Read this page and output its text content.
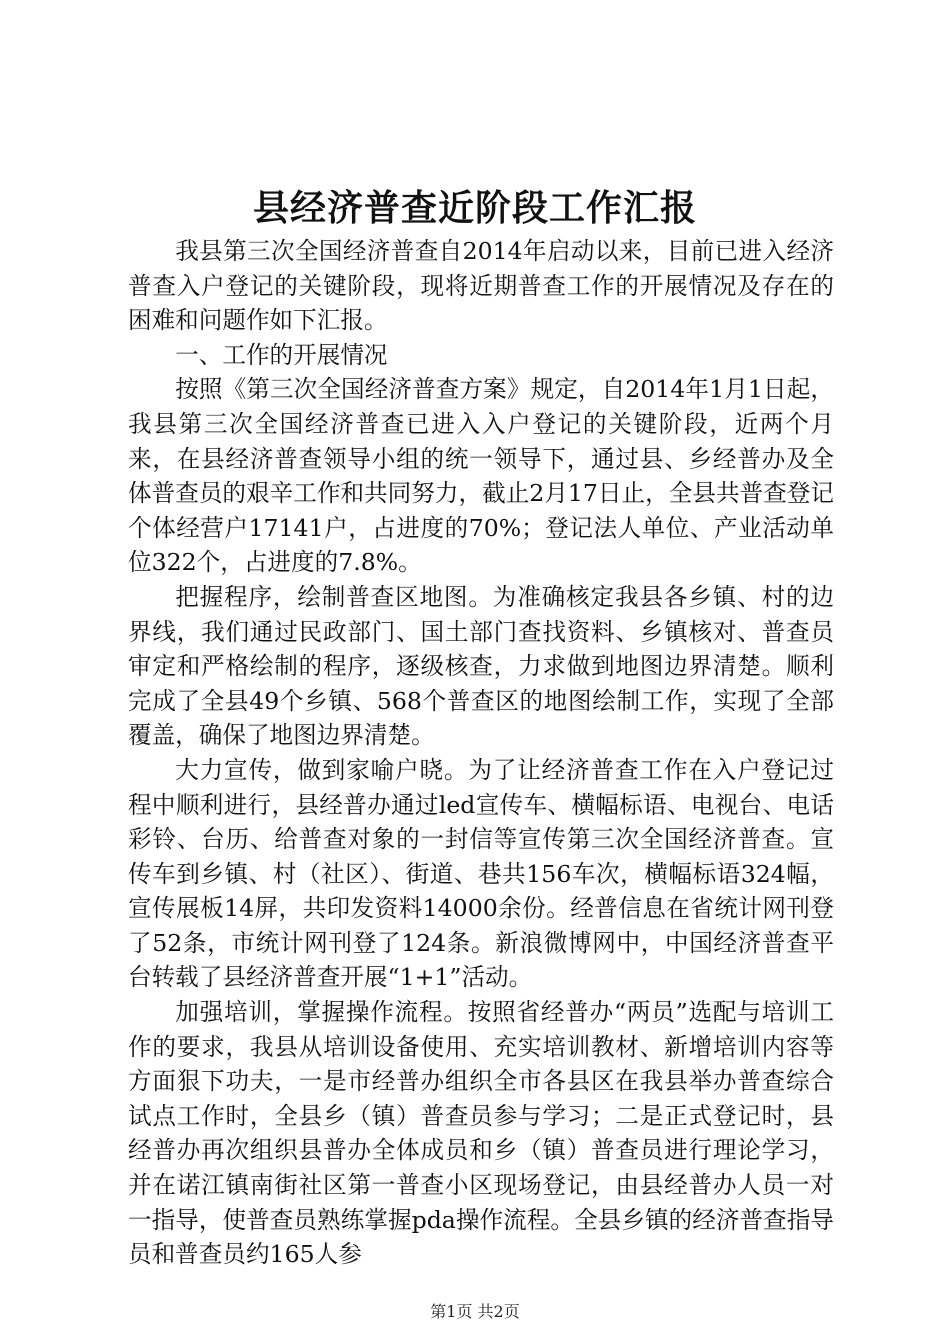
县经济普查近阶段工作汇报

我县第三次全国经济普查自2014年启动以来，目前已进入经济普查入户登记的关键阶段，现将近期普查工作的开展情况及存在的困难和问题作如下汇报。

一、工作的开展情况

按照《第三次全国经济普查方案》规定，自2014年1月1日起，我县第三次全国经济普查已进入入户登记的关键阶段，近两个月来，在县经济普查领导小组的统一领导下，通过县、乡经普办及全体普查员的艰辛工作和共同努力，截止2月17日止，全县共普查登记个体经营户17141户，占进度的70%；登记法人单位、产业活动单位322个，占进度的7.8%。

把握程序，绘制普查区地图。为准确核定我县各乡镇、村的边界线，我们通过民政部门、国土部门查找资料、乡镇核对、普查员审定和严格绘制的程序，逐级核查，力求做到地图边界清楚。顺利完成了全县49个乡镇、568个普查区的地图绘制工作，实现了全部覆盖，确保了地图边界清楚。

大力宣传，做到家喻户晓。为了让经济普查工作在入户登记过程中顺利进行，县经普办通过led宣传车、横幅标语、电视台、电话彩铃、台历、给普查对象的一封信等宣传第三次全国经济普查。宣传车到乡镇、村（社区）、街道、巷共156车次，横幅标语324幅，宣传展板14屏，共印发资料14000余份。经普信息在省统计网刊登了52条，市统计网刊登了124条。新浪微博网中，中国经济普查平台转载了县经济普查开展“1+1”活动。

加强培训，掌握操作流程。按照省经普办“两员”选配与培训工作的要求，我县从培训设备使用、充实培训教材、新增培训内容等方面狠下功夫，一是市经普办组织全市各县区在我县举办普查综合试点工作时，全县乡（镇）普查员参与学习；二是正式登记时，县经普办再次组织县普办全体成员和乡（镇）普查员进行理论学习，并在诺江镇南街社区第一普查小区现场登记，由县经普办人员一对一指导，使普查员熟练掌握pda操作流程。全县乡镇的经济普查指导员和普查员约165人参

第1页 共2页
